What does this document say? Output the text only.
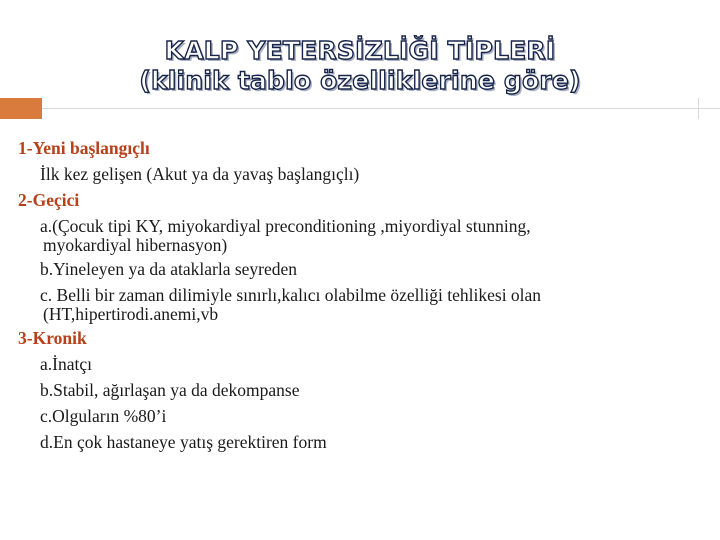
KALP YETERSİZLİĞİ TİPLERİ
(klinik tablo özelliklerine göre)
1-Yeni başlangıçlı
İlk kez gelişen (Akut ya da yavaş başlangıçlı)
2-Geçici
a.(Çocuk tipi KY, miyokardiyal preconditioning ,miyordiyal stunning,
myokardiyal hibernasyon)
b.Yineleyen ya da ataklarla seyreden
c. Belli bir zaman dilimiyle sınırlı,kalıcı olabilme özelliği tehlikesi olan
(HT,hipertirodi.anemi,vb
3-Kronik
a.İnatçı
b.Stabil, ağırlaşan ya da dekompanse
c.Olguların %80’i
d.En çok hastaneye yatış gerektiren form
